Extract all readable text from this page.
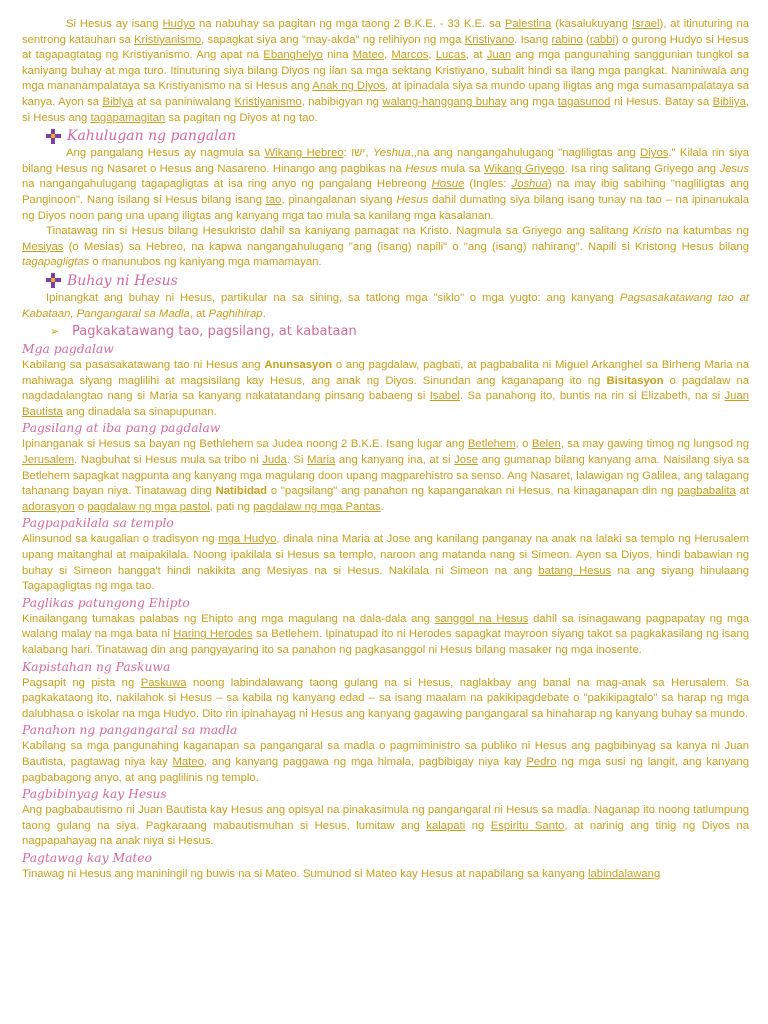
Si Hesus ay isang Hudyo na nabuhay sa pagitan ng mga taong 2 B.K.E. - 33 K.E. sa Palestina (kasalukuyang Israel), at itinuturing na sentrong katauhan sa Kristiyanismo, sapagkat siya ang "may-akda" ng relihiyon ng mga Kristiyano. Isang rabino (rabbi) o gurong Hudyo si Hesus at tagapagtatag ng Kristiyanismo. Ang apat na Ebanghelyo nina Mateo, Marcos, Lucas, at Juan ang mga pangunahing sanggunian tungkol sa kaniyang buhay at mga turo. Itinuturing siya bilang Diyos ng ilan sa mga sektang Kristiyano, subalit hindi sa ilang mga pangkat. Naniniwala ang mga mananampalataya sa Kristiyanismo na si Hesus ang Anak ng Diyos, at ipinadala siya sa mundo upang iligtas ang mga sumasampalataya sa kanya. Ayon sa Biblya at sa paniniwalang Kristiyanismo, nabibigyan ng walang-hanggang buhay ang mga tagasunod ni Hesus. Batay sa Bibliya, si Hesus ang tagapamagitan sa pagitan ng Diyos at ng tao.

Kahulugan ng pangalan

Ang pangalang Hesus ay nagmula sa Wikang Hebreo: ישו, Yeshua,,na ang nangangahulugang "nagliligtas ang Diyos." Kilala rin siya bilang Hesus ng Nasaret o Hesus ang Nasareno. Hinango ang pagbikas na Hesus mula sa Wikang Griyego. Isa ring salitang Griyego ang Jesus na nangangahulugang tagapagligtas at isa ring anyo ng pangalang Hebreong Hosue (Ingles: Joshua) na may ibig sabihing "nagliligtas ang Panginoon". Nang isilang si Hesus bilang isang tao, pinangalanan siyang Hesus dahil dumating siya bilang isang tunay na tao – na ipinanukala ng Diyos noon pang una upang iligtas ang kanyang mga tao mula sa kanilang mga kasalanan.

Tinatawag rin si Hesus bilang Hesukristo dahil sa kaniyang pamagat na Kristo. Nagmula sa Griyego ang salitang Kristo na katumbas ng Mesiyas (o Mesias) sa Hebreo, na kapwa nangangahulugang "ang (isang) napili" o "ang (isang) nahirang". Napili si Kristong Hesus bilang tagapagligtas o manunubos ng kaniyang mga mamamayan.

Buhay ni Hesus

Ipinangkat ang buhay ni Hesus, partikular na sa sining, sa tatlong mga "siklo" o mga yugto: ang kanyang Pagsasakatawang tao at Kabataan, Pangangaral sa Madla, at Paghihirap.

➢ Pagkakatawang tao, pagsilang, at kabataan
Mga pagdalaw

Kabilang sa pasasakatawang tao ni Hesus ang Anunsasyon o ang pagdalaw, pagbati, at pagbabalita ni Miguel Arkanghel sa Birheng Maria na mahiwaga siyang maglilihi at magsisilang kay Hesus, ang anak ng Diyos. Sinundan ang kaganapang ito ng Bisitasyon o pagdalaw na nagdadalangtao nang si Maria sa kanyang nakatatandang pinsang babaeng si Isabel. Sa panahong ito, buntis na rin si Elizabeth, na si Juan Bautista ang dinadala sa sinapupunan.

Pagsilang at iba pang pagdalaw

Ipinanganak si Hesus sa bayan ng Bethlehem sa Judea noong 2 B.K.E. Isang lugar ang Betlehem, o Belen, sa may gawing timog ng lungsod ng Jerusalem. Nagbuhat si Hesus mula sa tribo ni Juda. Si Maria ang kanyang ina, at si Jose ang gumanap bilang kanyang ama. Naisilang siya sa Betlehem sapagkat nagpunta ang kanyang mga magulang doon upang magparehistro sa senso. Ang Nasaret, lalawigan ng Galilea, ang talagang tahanang bayan niya. Tinatawag ding Natibidad o "pagsilang" ang panahon ng kapanganakan ni Hesus, na kinaganapan din ng pagbabalita at adorasyon o pagdalaw ng mga pastol, pati ng pagdalaw ng mga Pantas.

Pagpapakilala sa templo

Alinsunod sa kaugalian o tradisyon ng mga Hudyo, dinala nina Maria at Jose ang kanilang panganay na anak na lalaki sa templo ng Herusalem upang maitanghal at maipakilala. Noong ipakilala si Hesus sa templo, naroon ang matanda nang si Simeon. Ayon sa Diyos, hindi babawian ng buhay si Simeon hangga't hindi nakikita ang Mesiyas na si Hesus. Nakilala ni Simeon na ang batang Hesus na ang siyang hinulaang Tagapagligtas ng mga tao.

Paglikas patungong Ehipto

Kinailangang tumakas palabas ng Ehipto ang mga magulang na dala-dala ang sanggol na Hesus dahil sa isinagawang pagpapatay ng mga walang malay na mga bata ni Haring Herodes sa Betlehem. Ipinatupad ito ni Herodes sapagkat mayroon siyang takot sa pagkakasilang ng isang kalabang hari. Tinatawag din ang pangyayaring ito sa panahon ng pagkasanggol ni Hesus bilang masaker ng mga inosente.

Kapistahan ng Paskuwa

Pagsapit ng pista ng Paskuwa noong labindalawang taong gulang na si Hesus, naglakbay ang banal na mag-anak sa Herusalem. Sa pagkakataong ito, nakilahok si Hesus – sa kabila ng kanyang edad – sa isang maalam na pakikipagdebate o "pakikipagtalo" sa harap ng mga dalubhasa o iskolar na mga Hudyo. Dito rin ipinahayag ni Hesus ang kanyang gagawing pangangaral sa hinaharap ng kanyang buhay sa mundo.

Panahon ng pangangaral sa madla

Kabilang sa mga pangunahing kaganapan sa pangangaral sa madla o pagmiministro sa publiko ni Hesus ang pagbibinyag sa kanya ni Juan Bautista, pagtawag niya kay Mateo, ang kanyang paggawa ng mga himala, pagbibigay niya kay Pedro ng mga susi ng langit, ang kanyang pagbabagong anyo, at ang paglilinis ng templo.

Pagbibinyag kay Hesus

Ang pagbabautismo ni Juan Bautista kay Hesus ang opisyal na pinakasimula ng pangangaral ni Hesus sa madla. Naganap ito noong tatlumpung taong gulang na siya. Pagkaraang mabautismuhan si Hesus, lumitaw ang kalapati ng Espiritu Santo, at narinig ang tinig ng Diyos na nagpapahayag na anak niya si Hesus.

Pagtawag kay Mateo

Tinawag ni Hesus ang maniningil ng buwis na si Mateo. Sumunod si Mateo kay Hesus at napabilang sa kanyang labindalawang
